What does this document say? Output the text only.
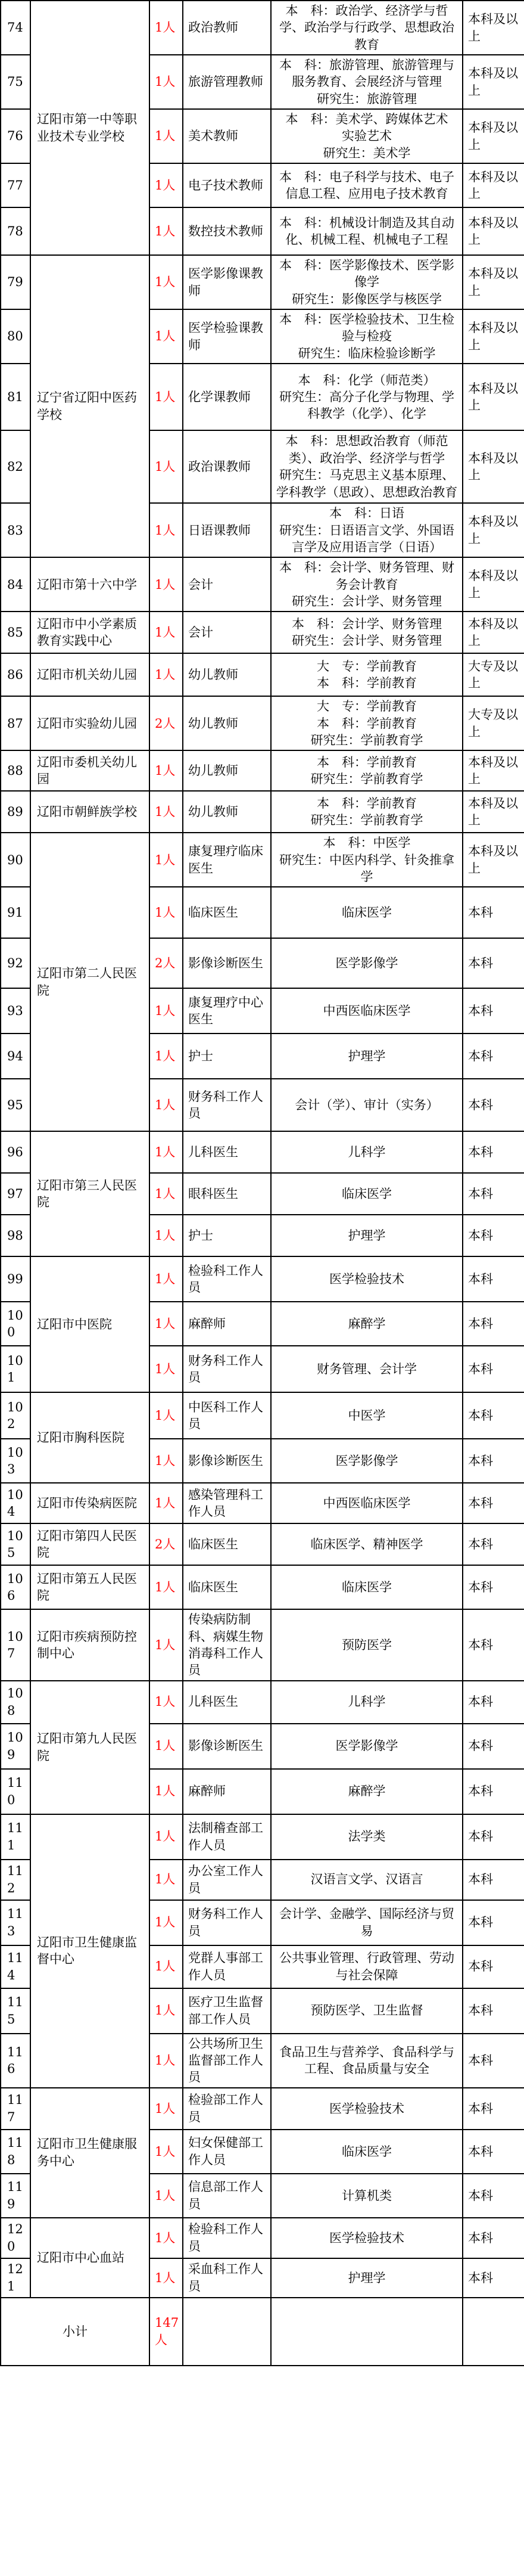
74	辽阳市第一中等职业技术专业学校	1人	政治教师	本　科：政治学、经济学与哲学、政治学与行政学、思想政治教育	本科及以上
75		1人	旅游管理教师	本　科：旅游管理、旅游管理与服务教育、会展经济与管理
研究生：旅游管理	本科及以上
76		1人	美术教师	本　科：美术学、跨媒体艺术
实验艺术
研究生：美术学	本科及以上
77		1人	电子技术教师	本　科：电子科学与技术、电子信息工程、应用电子技术教育	本科及以上
78		1人	数控技术教师	本　科：机械设计制造及其自动化、机械工程、机械电子工程	本科及以上
79	辽宁省辽阳中医药学校	1人	医学影像课教师	本　科：医学影像技术、医学影像学
研究生：影像医学与核医学	本科及以上
80		1人	医学检验课教师	本　科：医学检验技术、卫生检验与检疫
研究生：临床检验诊断学	本科及以上
81		1人	化学课教师	本　科：化学（师范类）
研究生：高分子化学与物理、学科教学（化学）、化学	本科及以上
82		1人	政治课教师	本　科：思想政治教育（师范类）、政治学、经济学与哲学
研究生：马克思主义基本原理、学科教学（思政）、思想政治教育	本科及以上
83		1人	日语课教师	本　科：日语
研究生：日语语言文学、外国语言学及应用语言学（日语）	本科及以上
84	辽阳市第十六中学	1人	会计	本　科：会计学、财务管理、财务会计教育
研究生：会计学、财务管理	本科及以上
85	辽阳市中小学素质教育实践中心	1人	会计	本　科：会计学、财务管理
研究生：会计学、财务管理	本科及以上
86	辽阳市机关幼儿园	1人	幼儿教师	大　专：学前教育
本　科：学前教育	大专及以上
87	辽阳市实验幼儿园	2人	幼儿教师	大　专：学前教育
本　科：学前教育
研究生：学前教育学	大专及以上
88	辽阳市委机关幼儿园	1人	幼儿教师	本　科：学前教育
研究生：学前教育学	本科及以上
89	辽阳市朝鲜族学校	1人	幼儿教师	本　科：学前教育
研究生：学前教育学	本科及以上
90	辽阳市第二人民医院	1人	康复理疗临床医生	本　科：中医学
研究生：中医内科学、针灸推拿学	本科及以上
91		1人	临床医生	临床医学	本科
92		2人	影像诊断医生	医学影像学	本科
93		1人	康复理疗中心医生	中西医临床医学	本科
94		1人	护士	护理学	本科
95		1人	财务科工作人员	会计（学）、审计（实务）	本科
96	辽阳市第三人民医院	1人	儿科医生	儿科学	本科
97		1人	眼科医生	临床医学	本科
98		1人	护士	护理学	本科
99	辽阳市中医院	1人	检验科工作人员	医学检验技术	本科
100		1人	麻醉师	麻醉学	本科
101		1人	财务科工作人员	财务管理、会计学	本科
102	辽阳市胸科医院	1人	中医科工作人员	中医学	本科
103		1人	影像诊断医生	医学影像学	本科
104	辽阳市传染病医院	1人	感染管理科工作人员	中西医临床医学	本科
105	辽阳市第四人民医院	2人	临床医生	临床医学、精神医学	本科
106	辽阳市第五人民医院	1人	临床医生	临床医学	本科
107	辽阳市疾病预防控制中心	1人	传染病防制科、病媒生物消毒科工作人员	预防医学	本科
108	辽阳市第九人民医院	1人	儿科医生	儿科学	本科
109		1人	影像诊断医生	医学影像学	本科
110		1人	麻醉师	麻醉学	本科
111	辽阳市卫生健康监督中心	1人	法制稽查部工作人员	法学类	本科
112		1人	办公室工作人员	汉语言文学、汉语言	本科
113		1人	财务科工作人员	会计学、金融学、国际经济与贸易	本科
114		1人	党群人事部工作人员	公共事业管理、行政管理、劳动与社会保障	本科
115		1人	医疗卫生监督部工作人员	预防医学、卫生监督	本科
116		1人	公共场所卫生监督部工作人员	食品卫生与营养学、食品科学与工程、食品质量与安全	本科
117	辽阳市卫生健康服务中心	1人	检验部工作人员	医学检验技术	本科
118		1人	妇女保健部工作人员	临床医学	本科
119		1人	信息部工作人员	计算机类	本科
120	辽阳市中心血站	1人	检验科工作人员	医学检验技术	本科
121		1人	采血科工作人员	护理学	本科
小计		147人			
